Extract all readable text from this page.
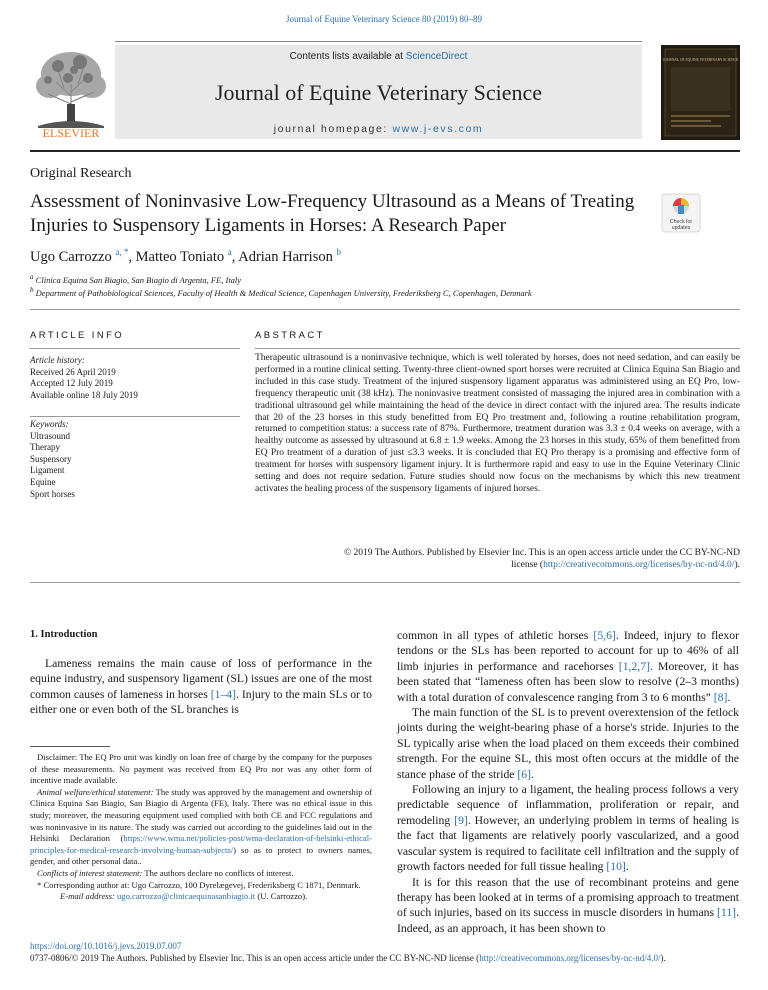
Journal of Equine Veterinary Science 80 (2019) 80–89
ELSEVIER
Contents lists available at ScienceDirect
Journal of Equine Veterinary Science
journal homepage: www.j-evs.com
JOURNAL OF EQUINE VETERINARY SCIENCE
Original Research
Assessment of Noninvasive Low-Frequency Ultrasound as a Means of Treating Injuries to Suspensory Ligaments in Horses: A Research Paper	Check for
updates
Ugo Carrozzo $^{a, *}$, Matteo Toniato $^a$, Adrian Harrison $^b$
$^a$ Clinica Equina San Biagio, San Biagio di Argenta, FE, Italy
$^b$ Department of Pathobiological Sciences, Faculty of Health & Medical Science, Copenhagen University, Frederiksberg C, Copenhagen, Denmark
ARTICLE INFO	ABSTRACT
Article history:
Received 26 April 2019
Accepted 12 July 2019
Available online 18 July 2019
Keywords:
Ultrasound
Therapy
Suspensory
Ligament
Equine
Sport horses
Therapeutic ultrasound is a noninvasive technique, which is well tolerated by horses, does not need sedation, and can easily be performed in a routine clinical setting. Twenty-three client-owned sport horses were recruited at Clinica Equina San Biagio and included in this case study. Treatment of the injured suspensory ligament apparatus was administered using an EQ Pro, low-frequency therapeutic unit (38 kHz). The noninvasive treatment consisted of massaging the injured area in combination with a traditional ultrasound gel while maintaining the head of the device in direct contact with the injured area. The results indicate that 20 of the 23 horses in this study benefitted from EQ Pro treatment and, following a routine rehabilitation program, returned to competition status: a success rate of 87%. Furthermore, treatment duration was 3.3 ± 0.4 weeks on average, with a healthy outcome as assessed by ultrasound at 6.8 ± 1.9 weeks. Among the 23 horses in this study, 65% of them benefitted from EQ Pro treatment of a duration of just ≤3.3 weeks. It is concluded that EQ Pro therapy is a promising and effective form of treatment for horses with suspensory ligament injury. It is furthermore rapid and easy to use in the Equine Veterinary Clinic setting and does not require sedation. Future studies should now focus on the mechanisms by which this new treatment activates the healing process of the suspensory ligaments of injured horses.
© 2019 The Authors. Published by Elsevier Inc. This is an open access article under the CC BY-NC-ND
license (http://creativecommons.org/licenses/by-nc-nd/4.0/).
1. Introduction

Lameness remains the main cause of loss of performance in the equine industry, and suspensory ligament (SL) issues are one of the most common causes of lameness in horses [1–4]. Injury to the main SLs or to either one or even both of the SL branches is

Disclaimer: The EQ Pro unit was kindly on loan free of charge by the company for the purposes of these measurements. No payment was received from EQ Pro nor was any other form of incentive made available.

Animal welfare/ethical statement: The study was approved by the management and ownership of Clinica Equina San Biagio, San Biagio di Argenta (FE), Italy. There was no ethical issue in this study; moreover, the measuring equipment used complied with both CE and FCC regulations and was noninvasive in its nature. The study was carried out according to the guidelines laid out in the Helsinki Declaration (https://www.wma.net/policies-post/wma-declaration-of-helsinki-ethical-principles-for-medical-research-involving-human-subjects/) so as to protect to owners names, gender, and other personal data..

Conflicts of interest statement: The authors declare no conflicts of interest.

* Corresponding author at: Ugo Carrozzo, 100 Dyrelægevej, Frederiksberg C 1871, Denmark.

E-mail address: ugo.carrozzo@clinicaequinasanbiagio.it (U. Carrozzo).

common in all types of athletic horses [5,6]. Indeed, injury to flexor tendons or the SLs has been reported to account for up to 46% of all limb injuries in performance and racehorses [1,2,7]. Moreover, it has been stated that “lameness often has been slow to resolve (2–3 months) with a total duration of convalescence ranging from 3 to 6 months” [8].

The main function of the SL is to prevent overextension of the fetlock joints during the weight-bearing phase of a horse's stride. Injuries to the SL typically arise when the load placed on them exceeds their combined strength. For the equine SL, this most often occurs at the middle of the stance phase of the stride [6].

Following an injury to a ligament, the healing process follows a very predictable sequence of inflammation, proliferation or repair, and remodeling [9]. However, an underlying problem in terms of healing is the fact that ligaments are relatively poorly vascularized, and a good vascular system is required to facilitate cell infiltration and the supply of growth factors needed for full tissue healing [10].

It is for this reason that the use of recombinant proteins and gene therapy has been looked at in terms of a promising approach to treatment of such injuries, based on its success in muscle disorders in humans [11]. Indeed, as an approach, it has been shown to

https://doi.org/10.1016/j.jevs.2019.07.007
0737-0806/© 2019 The Authors. Published by Elsevier Inc. This is an open access article under the CC BY-NC-ND license (http://creativecommons.org/licenses/by-nc-nd/4.0/).
